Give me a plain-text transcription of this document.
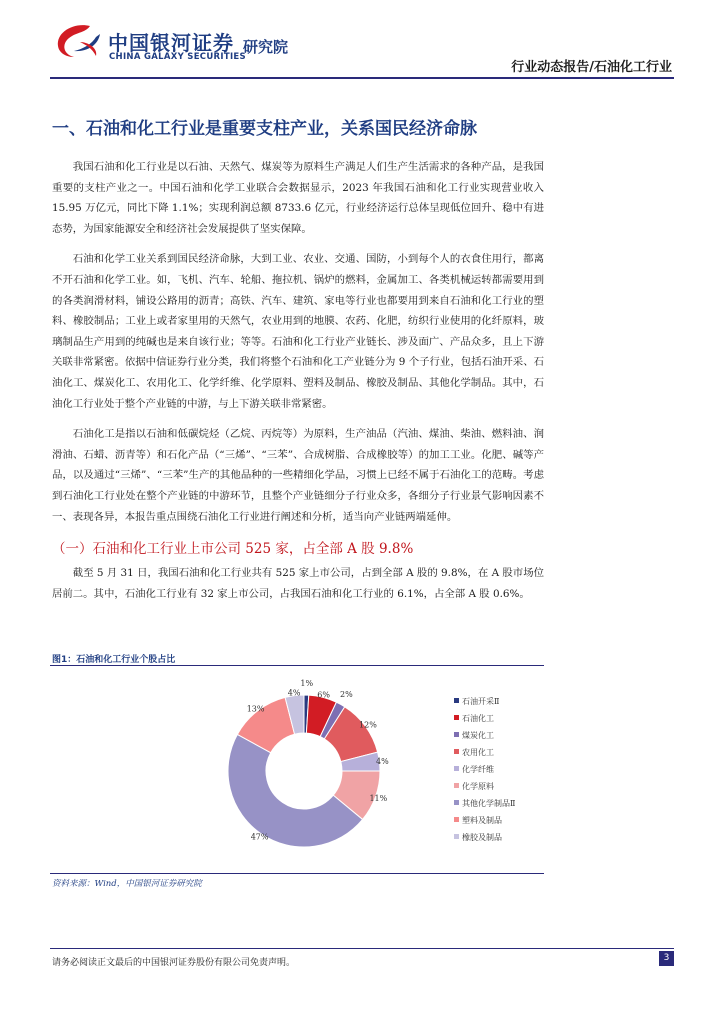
中国银河证券
CHINA GALAXY SECURITIES
研究院
行业动态报告/石油化工行业
一、石油和化工行业是重要支柱产业，关系国民经济命脉

我国石油和化工行业是以石油、天然气、煤炭等为原料生产满足人们生产生活需求的各种产品，是我国重要的支柱产业之一。中国石油和化学工业联合会数据显示，2023 年我国石油和化工行业实现营业收入 15.95 万亿元，同比下降 1.1%；实现利润总额 8733.6 亿元，行业经济运行总体呈现低位回升、稳中有进态势，为国家能源安全和经济社会发展提供了坚实保障。

石油和化学工业关系到国民经济命脉，大到工业、农业、交通、国防，小到每个人的衣食住用行，都离不开石油和化学工业。如，飞机、汽车、轮船、拖拉机、锅炉的燃料，金属加工、各类机械运转都需要用到的各类润滑材料，铺设公路用的沥青；高铁、汽车、建筑、家电等行业也都要用到来自石油和化工行业的塑料、橡胶制品；工业上或者家里用的天然气，农业用到的地膜、农药、化肥，纺织行业使用的化纤原料，玻璃制品生产用到的纯碱也是来自该行业；等等。石油和化工行业产业链长、涉及面广、产品众多，且上下游关联非常紧密。依据中信证券行业分类，我们将整个石油和化工产业链分为 9 个子行业，包括石油开采、石油化工、煤炭化工、农用化工、化学纤维、化学原料、塑料及制品、橡胶及制品、其他化学制品。其中，石油化工行业处于整个产业链的中游，与上下游关联非常紧密。

石油化工是指以石油和低碳烷烃（乙烷、丙烷等）为原料，生产油品（汽油、煤油、柴油、燃料油、润滑油、石蜡、沥青等）和石化产品（“三烯”、“三苯”、合成树脂、合成橡胶等）的加工工业。化肥、碱等产品，以及通过“三烯”、“三苯”生产的其他品种的一些精细化学品，习惯上已经不属于石油化工的范畴。考虑到石油化工行业处在整个产业链的中游环节，且整个产业链细分子行业众多，各细分子行业景气影响因素不一、表现各异，本报告重点围绕石油化工行业进行阐述和分析，适当向产业链两端延伸。

（一）石油和化工行业上市公司 525 家，占全部 A 股 9.8%

截至 5 月 31 日，我国石油和化工行业共有 525 家上市公司，占到全部 A 股的 9.8%，在 A 股市场位居前二。其中，石油化工行业有 32 家上市公司，占我国石油和化工行业的 6.1%，占全部 A 股 0.6%。

图1：石油和化工行业个股占比
1%
6% 2%
12%
4%
11%
47%
13%
4%
石油开采Ⅱ
石油化工
煤炭化工
农用化工
化学纤维
化学原料
其他化学制品Ⅱ
塑料及制品
橡胶及制品
资料来源：Wind，中国银河证券研究院
请务必阅读正文最后的中国银河证券股份有限公司免责声明。	3
